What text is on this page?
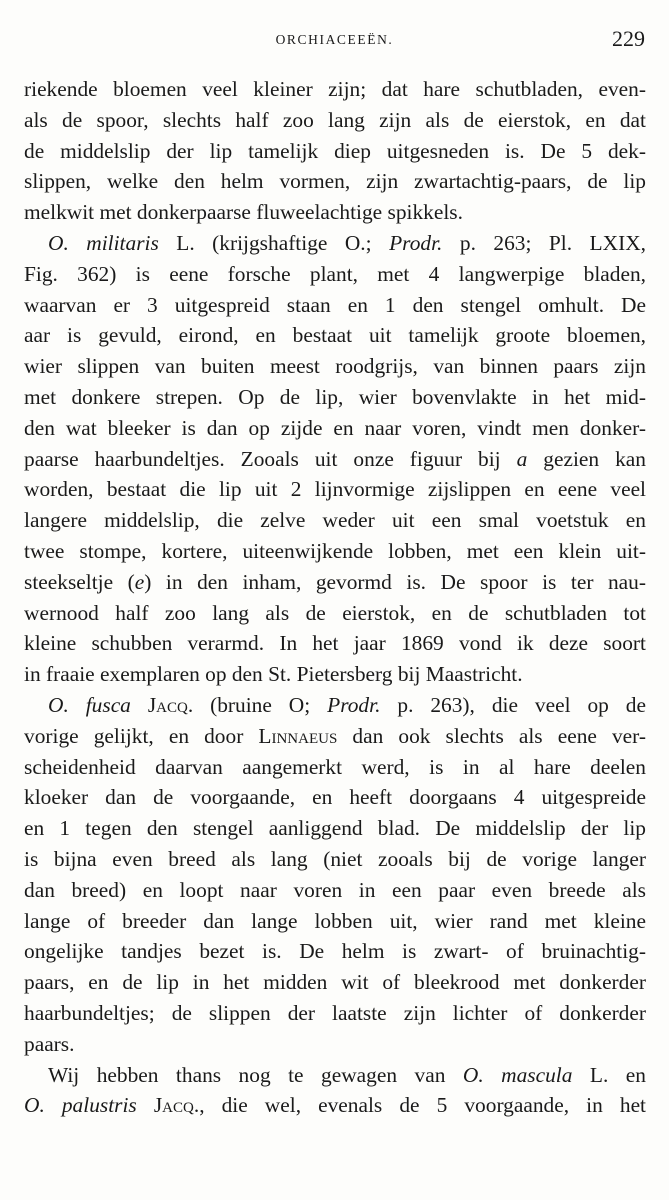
ORCHIACEEËN.	229
riekende bloemen veel kleiner zijn; dat hare schutbladen, even-
als de spoor, slechts half zoo lang zijn als de eierstok, en dat
de middelslip der lip tamelijk diep uitgesneden is. De 5 dek-
slippen, welke den helm vormen, zijn zwartachtig-paars, de lip
melkwit met donkerpaarse fluweelachtige spikkels.
O. militaris L. (krijgshaftige O.; Prodr. p. 263; Pl. LXIX,
Fig. 362) is eene forsche plant, met 4 langwerpige bladen,
waarvan er 3 uitgespreid staan en 1 den stengel omhult. De
aar is gevuld, eirond, en bestaat uit tamelijk groote bloemen,
wier slippen van buiten meest roodgrijs, van binnen paars zijn
met donkere strepen. Op de lip, wier bovenvlakte in het mid-
den wat bleeker is dan op zijde en naar voren, vindt men donker-
paarse haarbundeltjes. Zooals uit onze figuur bij a gezien kan
worden, bestaat die lip uit 2 lijnvormige zijslippen en eene veel
langere middelslip, die zelve weder uit een smal voetstuk en
twee stompe, kortere, uiteenwijkende lobben, met een klein uit-
steekseltje (e) in den inham, gevormd is. De spoor is ter nau-
wernood half zoo lang als de eierstok, en de schutbladen tot
kleine schubben verarmd. In het jaar 1869 vond ik deze soort
in fraaie exemplaren op den St. Pietersberg bij Maastricht.
O. fusca Jacq. (bruine O; Prodr. p. 263), die veel op de
vorige gelijkt, en door Linnaeus dan ook slechts als eene ver-
scheidenheid daarvan aangemerkt werd, is in al hare deelen
kloeker dan de voorgaande, en heeft doorgaans 4 uitgespreide
en 1 tegen den stengel aanliggend blad. De middelslip der lip
is bijna even breed als lang (niet zooals bij de vorige langer
dan breed) en loopt naar voren in een paar even breede als
lange of breeder dan lange lobben uit, wier rand met kleine
ongelijke tandjes bezet is. De helm is zwart- of bruinachtig-
paars, en de lip in het midden wit of bleekrood met donkerder
haarbundeltjes; de slippen der laatste zijn lichter of donkerder
paars.
Wij hebben thans nog te gewagen van O. mascula L. en
O. palustris Jacq., die wel, evenals de 5 voorgaande, in het
